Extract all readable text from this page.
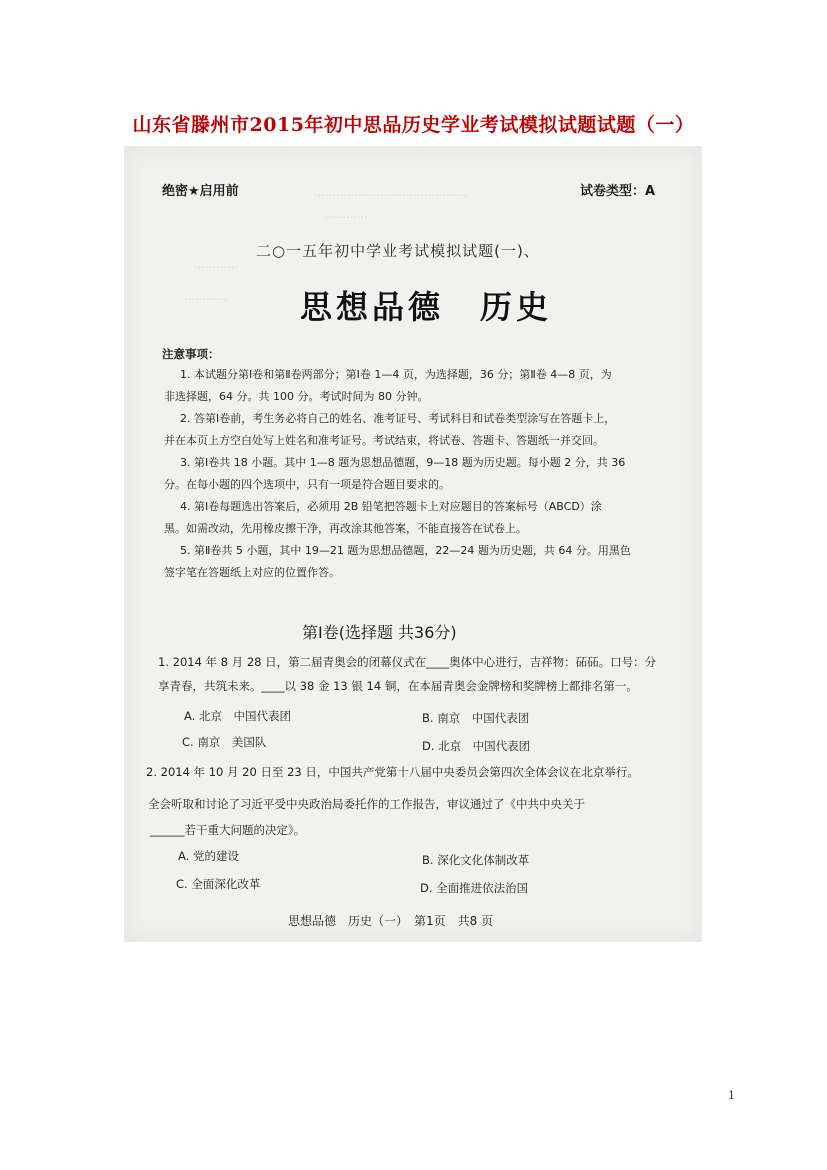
山东省滕州市2015年初中思品历史学业考试模拟试题试题（一）
绝密★启用前	试卷类型：A
……………………………………
…………
…………
…………
二○一五年初中学业考试模拟试题(一)、
思想品德　历史
注意事项：
1. 本试题分第Ⅰ卷和第Ⅱ卷两部分；第Ⅰ卷 1—4 页，为选择题，36 分；第Ⅱ卷 4—8 页，为
非选择题，64 分。共 100 分。考试时间为 80 分钟。
2. 答第Ⅰ卷前，考生务必将自己的姓名、准考证号、考试科目和试卷类型涂写在答题卡上，
并在本页上方空白处写上姓名和准考证号。考试结束，将试卷、答题卡、答题纸一并交回。
3. 第Ⅰ卷共 18 小题。其中 1—8 题为思想品德题，9—18 题为历史题。每小题 2 分，共 36
分。在每小题的四个选项中，只有一项是符合题目要求的。
4. 第Ⅰ卷每题选出答案后，必须用 2B 铅笔把答题卡上对应题目的答案标号（ABCD）涂
黑。如需改动，先用橡皮擦干净，再改涂其他答案，不能直接答在试卷上。
5. 第Ⅱ卷共 5 小题，其中 19—21 题为思想品德题，22—24 题为历史题，共 64 分。用黑色
签字笔在答题纸上对应的位置作答。
第Ⅰ卷(选择题 共36分)
1. 2014 年 8 月 28 日，第二届青奥会的闭幕仪式在____奥体中心进行，吉祥物：砳砳。口号：分
享青春，共筑未来。____以 38 金 13 银 14 铜，在本届青奥会金牌榜和奖牌榜上都排名第一。
A. 北京　中国代表团	B. 南京　中国代表团
C. 南京　美国队	D. 北京　中国代表团
2. 2014 年 10 月 20 日至 23 日，中国共产党第十八届中央委员会第四次全体会议在北京举行。
全会听取和讨论了习近平受中央政治局委托作的工作报告，审议通过了《中共中央关于
______若干重大问题的决定》。
A. 党的建设	B. 深化文化体制改革
C. 全面深化改革	D. 全面推进依法治国
思想品德　历史（一）　第1页　共8 页
1
